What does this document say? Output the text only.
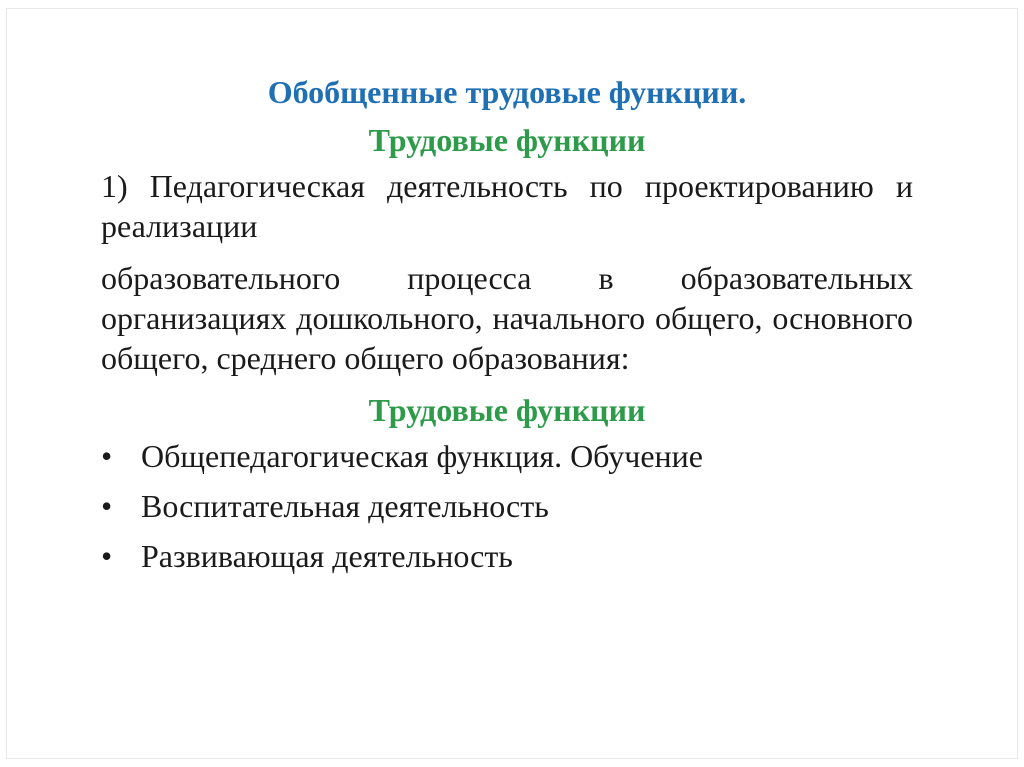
Обобщенные трудовые функции.
Трудовые функции

1) Педагогическая деятельность по проектированию и реализации

образовательного процесса в образовательных организациях дошкольного, начального общего, основного общего, среднего общего образования:

Трудовые функции
• Общепедагогическая функция. Обучение
• Воспитательная деятельность
• Развивающая деятельность
